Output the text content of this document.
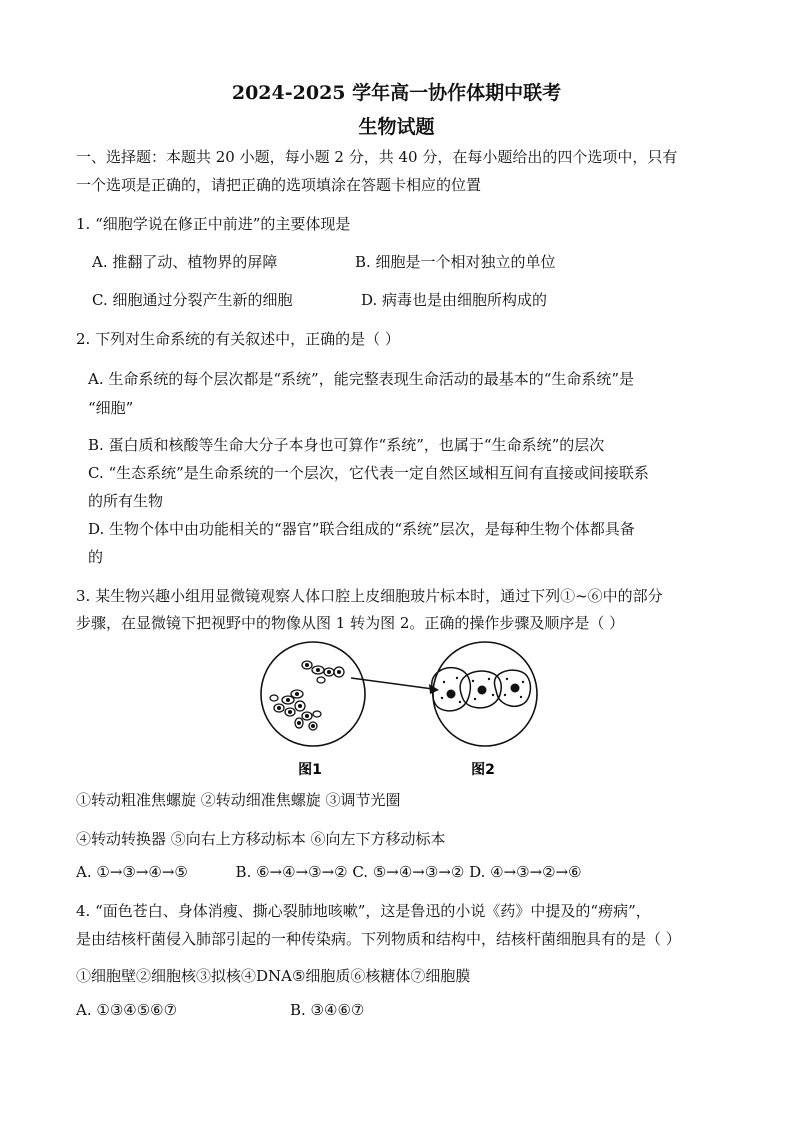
2024-2025 学年高一协作体期中联考
生物试题
一、选择题：本题共 20 小题，每小题 2 分，共 40 分，在每小题给出的四个选项中，只有
一个选项是正确的，请把正确的选项填涂在答题卡相应的位置
1. “细胞学说在修正中前进”的主要体现是
A. 推翻了动、植物界的屏障	B. 细胞是一个相对独立的单位
C. 细胞通过分裂产生新的细胞	D. 病毒也是由细胞所构成的
2. 下列对生命系统的有关叙述中，正确的是（ ）
A. 生命系统的每个层次都是“系统”，能完整表现生命活动的最基本的“生命系统”是
“细胞”
B. 蛋白质和核酸等生命大分子本身也可算作“系统”，也属于“生命系统”的层次
C. “生态系统”是生命系统的一个层次，它代表一定自然区域相互间有直接或间接联系
的所有生物
D. 生物个体中由功能相关的“器官”联合组成的“系统”层次，是每种生物个体都具备
的
3. 某生物兴趣小组用显微镜观察人体口腔上皮细胞玻片标本时，通过下列①~⑥中的部分
步骤，在显微镜下把视野中的物像从图 1 转为图 2。正确的操作步骤及顺序是（ ）
图1	图2
①转动粗准焦螺旋 ②转动细准焦螺旋 ③调节光圈
④转动转换器 ⑤向右上方移动标本 ⑥向左下方移动标本
A. ①→③→④→⑤          B. ⑥→④→③→② C. ⑤→④→③→② D. ④→③→②→⑥
4. “面色苍白、身体消瘦、撕心裂肺地咳嗽”，这是鲁迅的小说《药》中提及的“痨病”，
是由结核杆菌侵入肺部引起的一种传染病。下列物质和结构中，结核杆菌细胞具有的是（ ）
①细胞壁②细胞核③拟核④DNA⑤细胞质⑥核糖体⑦细胞膜
A. ①③④⑤⑥⑦	B. ③④⑥⑦
